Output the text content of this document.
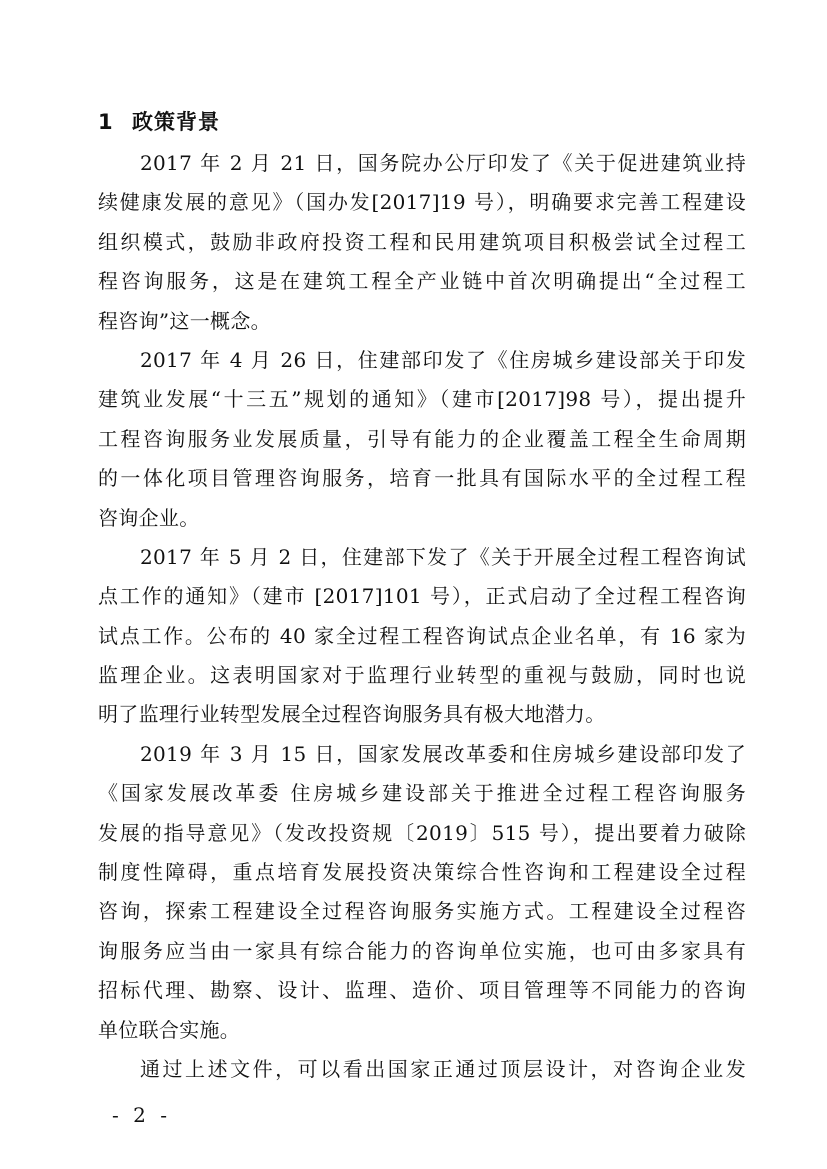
1 政策背景
2017 年 2 月 21 日，国务院办公厅印发了《关于促进建筑业持
续健康发展的意见》（国办发[2017]19 号），明确要求完善工程建设
组织模式，鼓励非政府投资工程和民用建筑项目积极尝试全过程工
程咨询服务，这是在建筑工程全产业链中首次明确提出“全过程工
程咨询”这一概念。
2017 年 4 月 26 日，住建部印发了《住房城乡建设部关于印发
建筑业发展“十三五”规划的通知》（建市[2017]98 号），提出提升
工程咨询服务业发展质量，引导有能力的企业覆盖工程全生命周期
的一体化项目管理咨询服务，培育一批具有国际水平的全过程工程
咨询企业。
2017 年 5 月 2 日，住建部下发了《关于开展全过程工程咨询试
点工作的通知》（建市 [2017]101 号），正式启动了全过程工程咨询
试点工作。公布的 40 家全过程工程咨询试点企业名单，有 16 家为
监理企业。这表明国家对于监理行业转型的重视与鼓励，同时也说
明了监理行业转型发展全过程咨询服务具有极大地潜力。
2019 年 3 月 15 日，国家发展改革委和住房城乡建设部印发了
《国家发展改革委 住房城乡建设部关于推进全过程工程咨询服务
发展的指导意见》（发改投资规〔2019〕515 号），提出要着力破除
制度性障碍，重点培育发展投资决策综合性咨询和工程建设全过程
咨询，探索工程建设全过程咨询服务实施方式。工程建设全过程咨
询服务应当由一家具有综合能力的咨询单位实施，也可由多家具有
招标代理、勘察、设计、监理、造价、项目管理等不同能力的咨询
单位联合实施。
通过上述文件，可以看出国家正通过顶层设计，对咨询企业发
- 2 -
